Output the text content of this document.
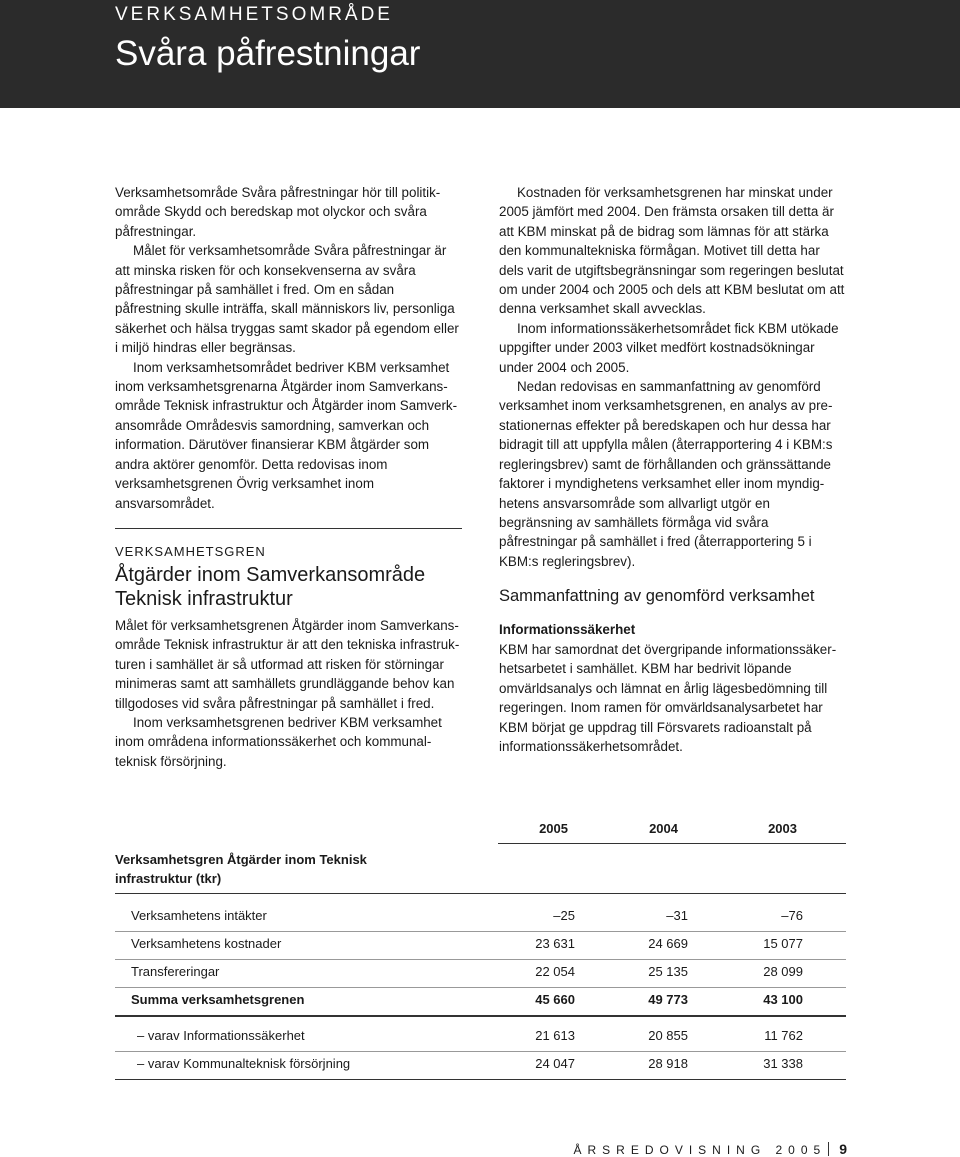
VERKSAMHETSOMRÅDE
Svåra påfrestningar

Verksamhetsområde Svåra påfrestningar hör till politikområde Skydd och beredskap mot olyckor och svåra påfrestningar.

Målet för verksamhetsområde Svåra påfrestningar är att minska risken för och konsekvenserna av svåra påfrestningar på samhället i fred. Om en sådan påfrestning skulle inträffa, skall människors liv, personliga säkerhet och hälsa tryggas samt skador på egendom eller i miljö hindras eller begränsas.

Inom verksamhetsområdet bedriver KBM verksamhet inom verksamhetsgrenarna Åtgärder inom Samverkansområde Teknisk infrastruktur och Åtgärder inom Samverkansområde Områdesvis samordning, samverkan och information. Därutöver finansierar KBM åtgärder som andra aktörer genomför. Detta redovisas inom verksamhetsgrenen Övrig verksamhet inom ansvarsområdet.

VERKSAMHETSGREN
Åtgärder inom Samverkansområde Teknisk infrastruktur

Målet för verksamhetsgrenen Åtgärder inom Samverkansområde Teknisk infrastruktur är att den tekniska infrastrukturen i samhället är så utformad att risken för störningar minimeras samt att samhällets grundläggande behov kan tillgodoses vid svåra påfrestningar på samhället i fred.

Inom verksamhetsgrenen bedriver KBM verksamhet inom områdena informationssäkerhet och kommunalteknisk försörjning.

Kostnaden för verksamhetsgrenen har minskat under 2005 jämfört med 2004. Den främsta orsaken till detta är att KBM minskat på de bidrag som lämnas för att stärka den kommunaltekniska förmågan. Motivet till detta har dels varit de utgiftsbegränsningar som regeringen beslutat om under 2004 och 2005 och dels att KBM beslutat om att denna verksamhet skall avvecklas.

Inom informationssäkerhetsområdet fick KBM utökade uppgifter under 2003 vilket medfört kostnadsökningar under 2004 och 2005.

Nedan redovisas en sammanfattning av genomförd verksamhet inom verksamhetsgrenen, en analys av prestationernas effekter på beredskapen och hur dessa har bidragit till att uppfylla målen (återrapportering 4 i KBM:s regleringsbrev) samt de förhållanden och gränssättande faktorer i myndighetens verksamhet eller inom myndighetens ansvarsområde som allvarligt utgör en begränsning av samhällets förmåga vid svåra påfrestningar på samhället i fred (återrapportering 5 i KBM:s regleringsbrev).

Sammanfattning av genomförd verksamhet
Informationssäkerhet

KBM har samordnat det övergripande informationssäkerhetsarbetet i samhället. KBM har bedrivit löpande omvärldsanalys och lämnat en årlig lägesbedömning till regeringen. Inom ramen för omvärldsanalysarbetet har KBM börjat ge uppdrag till Försvarets radioanstalt på informationssäkerhetsområdet.

2005	2004	2003
Verksamhetsgren Åtgärder inom Teknisk infrastruktur (tkr)
Verksamhetens intäkter	–25	–31	–76
Verksamhetens kostnader	23 631	24 669	15 077
Transfereringar	22 054	25 135	28 099
Summa verksamhetsgrenen	45 660	49 773	43 100
– varav Informationssäkerhet	21 613	20 855	11 762
– varav Kommunalteknisk försörjning	24 047	28 918	31 338
ÅRSREDOVISNING 2005 9
